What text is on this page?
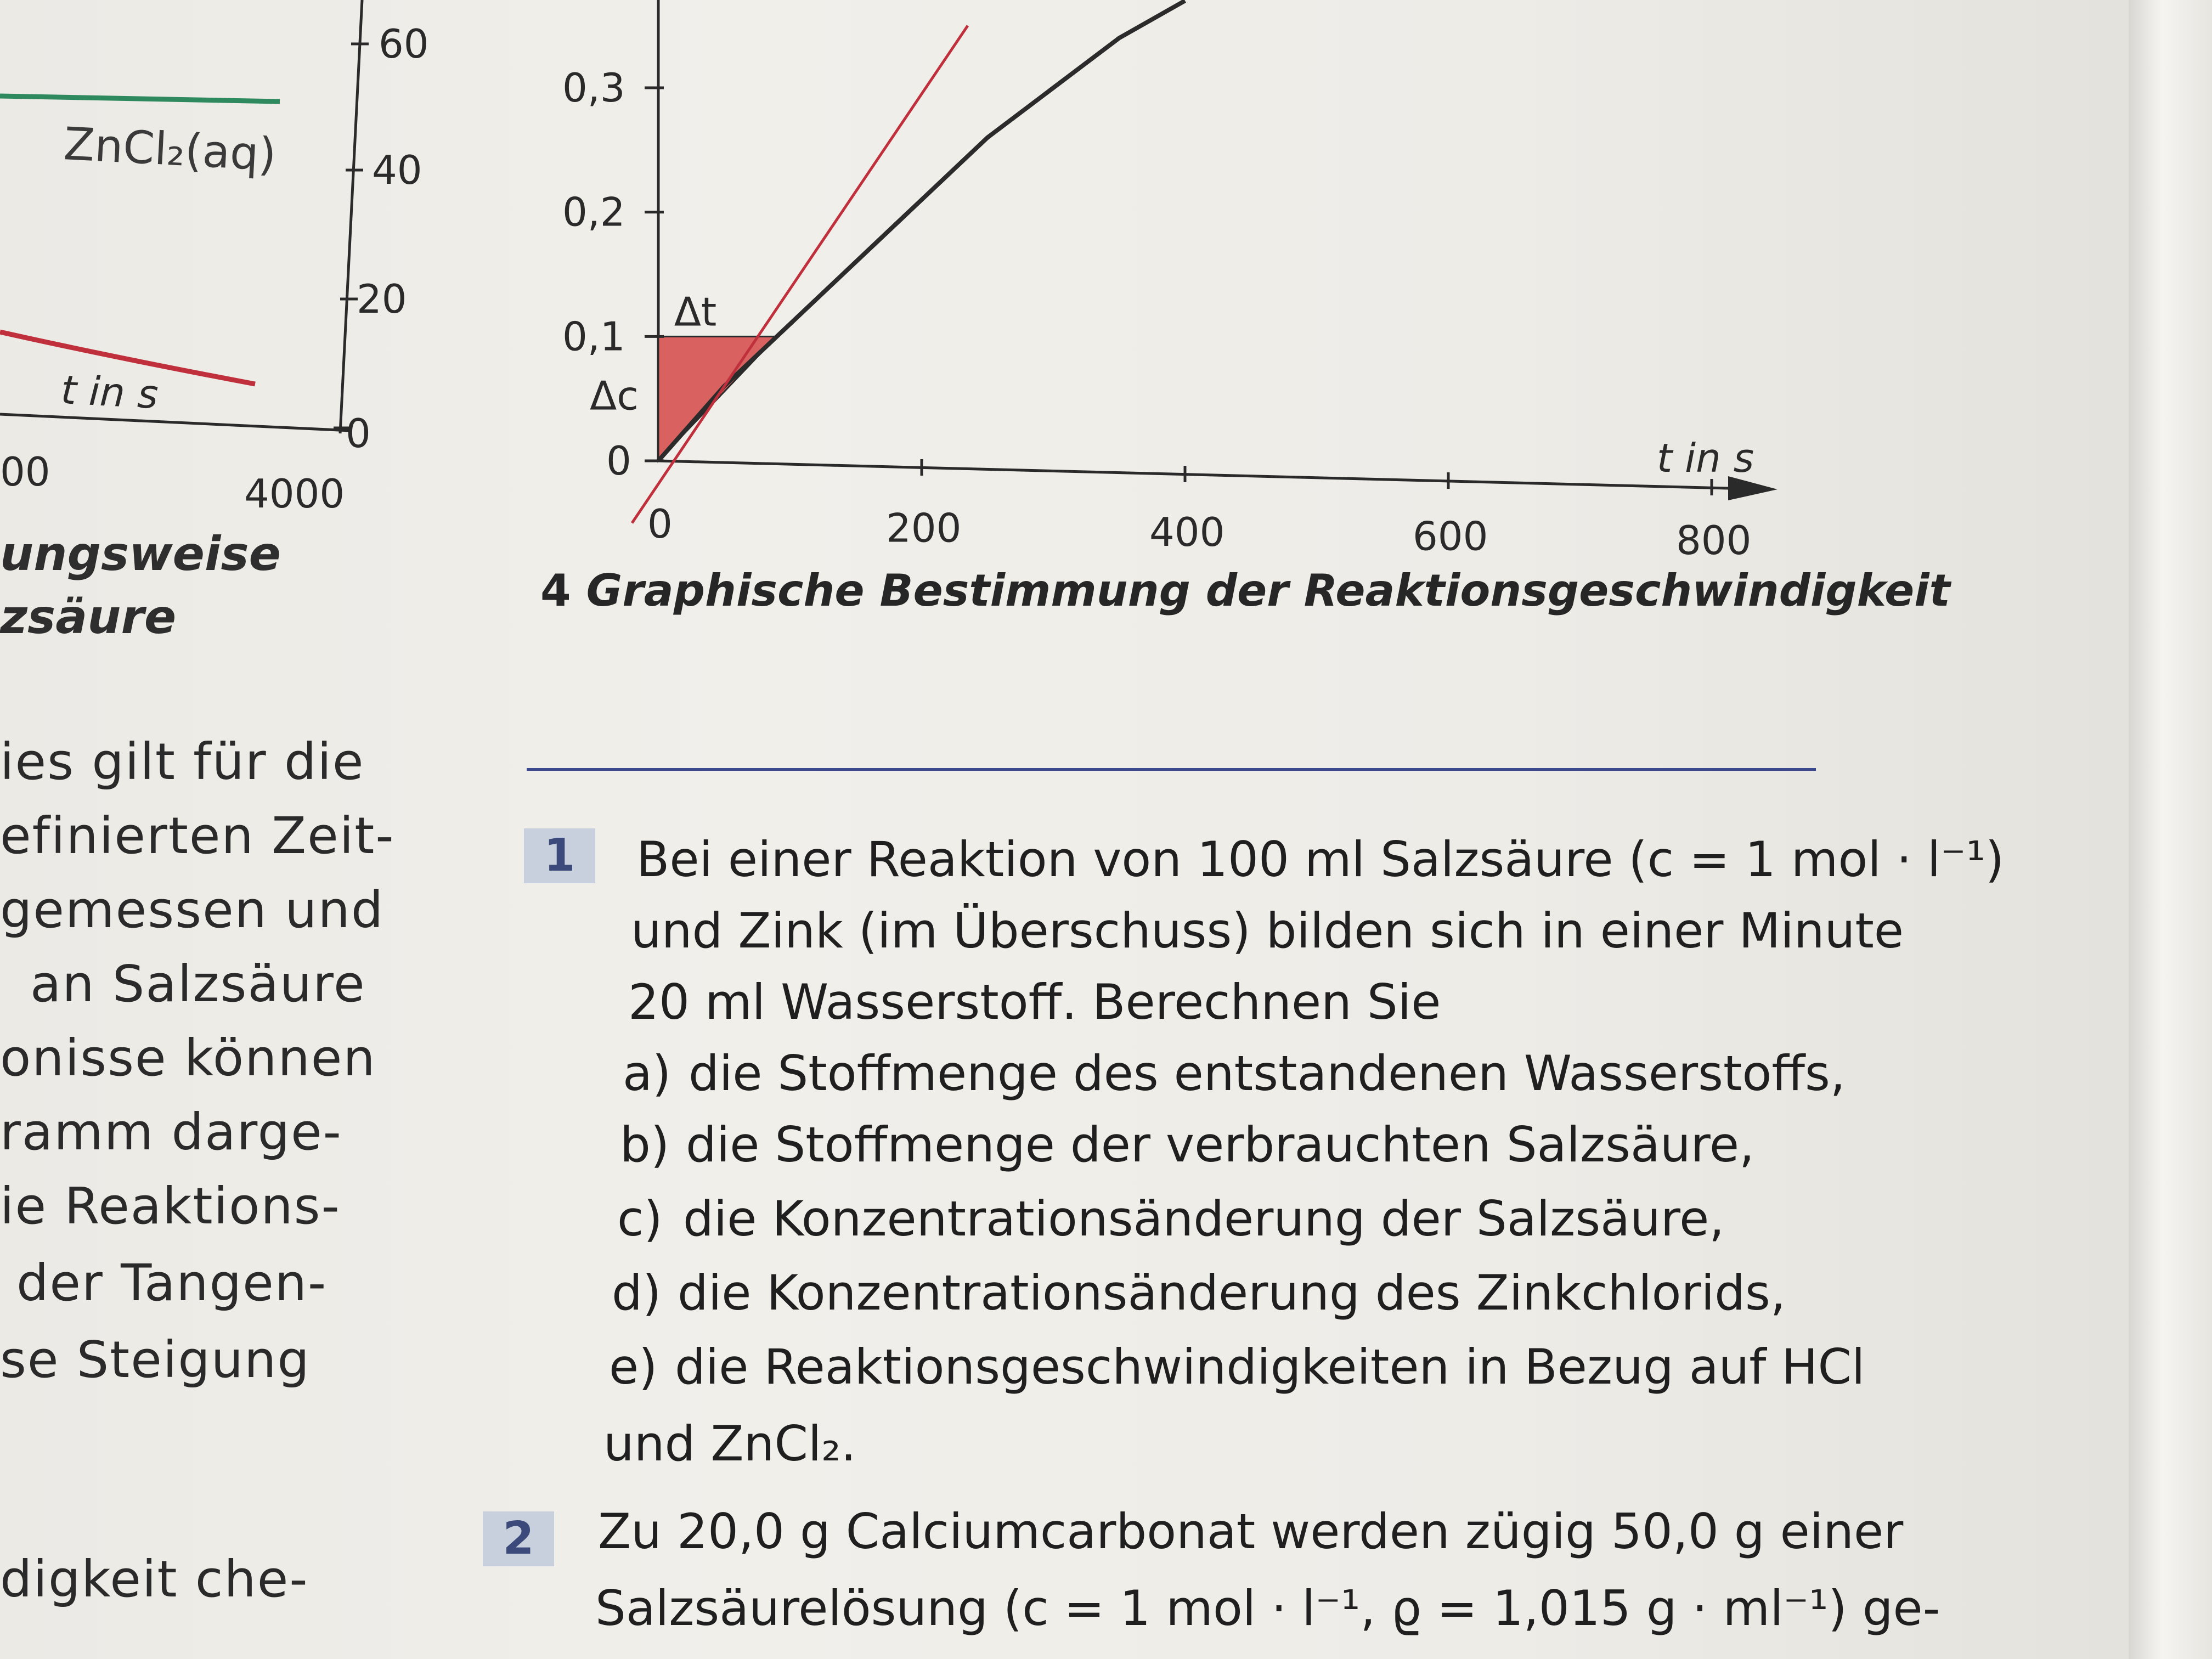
60
40
20
0
00	4000
ZnCl₂(aq)
t in s
0	200	400	600	800
0
0,1
0,2
0,3
t in s
Δt
Δc
ungsweise
zsäure
ies gilt für die
efinierten Zeit-
gemessen und
an Salzsäure
onisse können
ramm darge-
ie Reaktions-
der Tangen-
se Steigung
digkeit che-
4 Graphische Bestimmung der Reaktionsgeschwindigkeit
1	Bei einer Reaktion von 100 ml Salzsäure (c = 1 mol · l⁻¹)
und Zink (im Überschuss) bilden sich in einer Minute
20 ml Wasserstoff. Berechnen Sie
a) die Stoffmenge des entstandenen Wasserstoffs,
b) die Stoffmenge der verbrauchten Salzsäure,
c) die Konzentrationsänderung der Salzsäure,
d) die Konzentrationsänderung des Zinkchlorids,
e) die Reaktionsgeschwindigkeiten in Bezug auf HCl
und ZnCl₂.
2	Zu 20,0 g Calciumcarbonat werden zügig 50,0 g einer
Salzsäurelösung (c = 1 mol · l⁻¹, ϱ = 1,015 g · ml⁻¹) ge-
